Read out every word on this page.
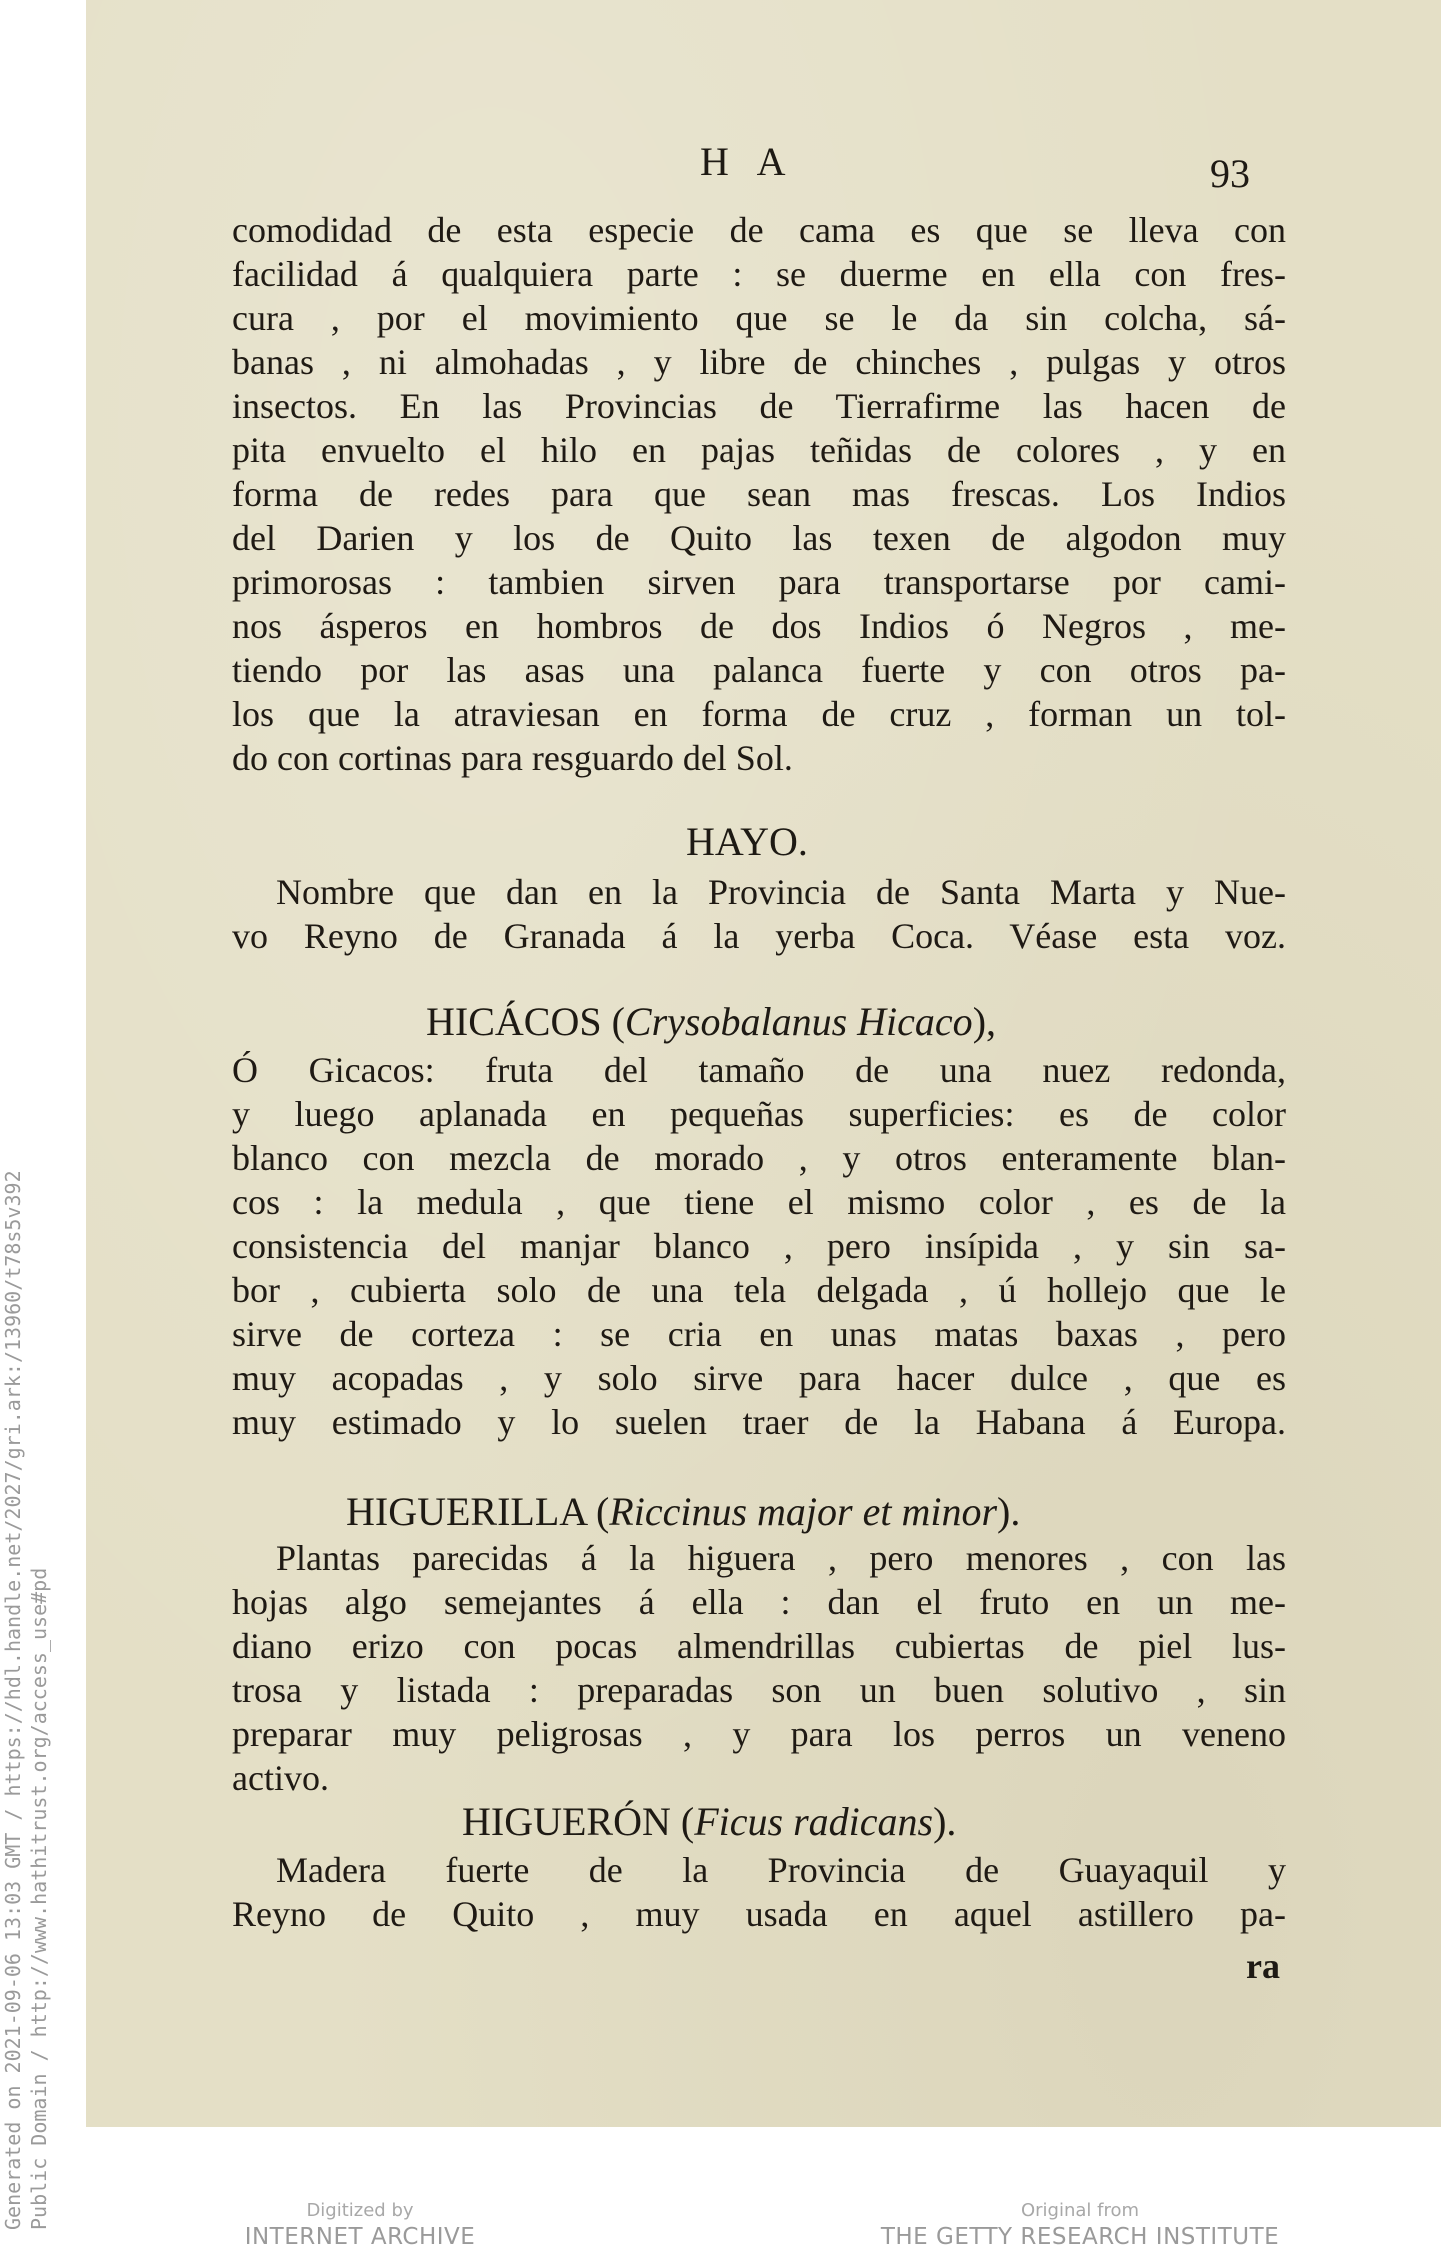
H A	93
comodidad de esta especie de cama es que se lleva con
facilidad á qualquiera parte : se duerme en ella con fres-
cura , por el movimiento que se le da sin colcha, sá-
banas , ni almohadas , y libre de chinches , pulgas y otros
insectos. En las Provincias de Tierrafirme las hacen de
pita envuelto el hilo en pajas teñidas de colores , y en
forma de redes para que sean mas frescas. Los Indios
del Darien y los de Quito las texen de algodon muy
primorosas : tambien sirven para transportarse por cami-
nos ásperos en hombros de dos Indios ó Negros , me-
tiendo por las asas una palanca fuerte y con otros pa-
los que la atraviesan en forma de cruz , forman un tol-
do con cortinas para resguardo del Sol.
HAYO.
Nombre que dan en la Provincia de Santa Marta y Nue-
vo Reyno de Granada á la yerba Coca. Véase esta voz.
HICÁCOS (Crysobalanus Hicaco),
Ó Gicacos: fruta del tamaño de una nuez redonda,
y luego aplanada en pequeñas superficies: es de color
blanco con mezcla de morado , y otros enteramente blan-
cos : la medula , que tiene el mismo color , es de la
consistencia del manjar blanco , pero insípida , y sin sa-
bor , cubierta solo de una tela delgada , ú hollejo que le
sirve de corteza : se cria en unas matas baxas , pero
muy acopadas , y solo sirve para hacer dulce , que es
muy estimado y lo suelen traer de la Habana á Europa.
HIGUERILLA (Riccinus major et minor).
Plantas parecidas á la higuera , pero menores , con las
hojas algo semejantes á ella : dan el fruto en un me-
diano erizo con pocas almendrillas cubiertas de piel lus-
trosa y listada : preparadas son un buen solutivo , sin
preparar muy peligrosas , y para los perros un veneno
activo.
HIGUERÓN (Ficus radicans).
Madera fuerte de la Provincia de Guayaquil y
Reyno de Quito , muy usada en aquel astillero pa-
ra
Generated on 2021-09-06 13:03 GMT / https://hdl.handle.net/2027/gri.ark:/13960/t78s5v392 Public Domain / http://www.hathitrust.org/access_use#pd	Digitized by
INTERNET ARCHIVE
Original from
THE GETTY RESEARCH INSTITUTE
